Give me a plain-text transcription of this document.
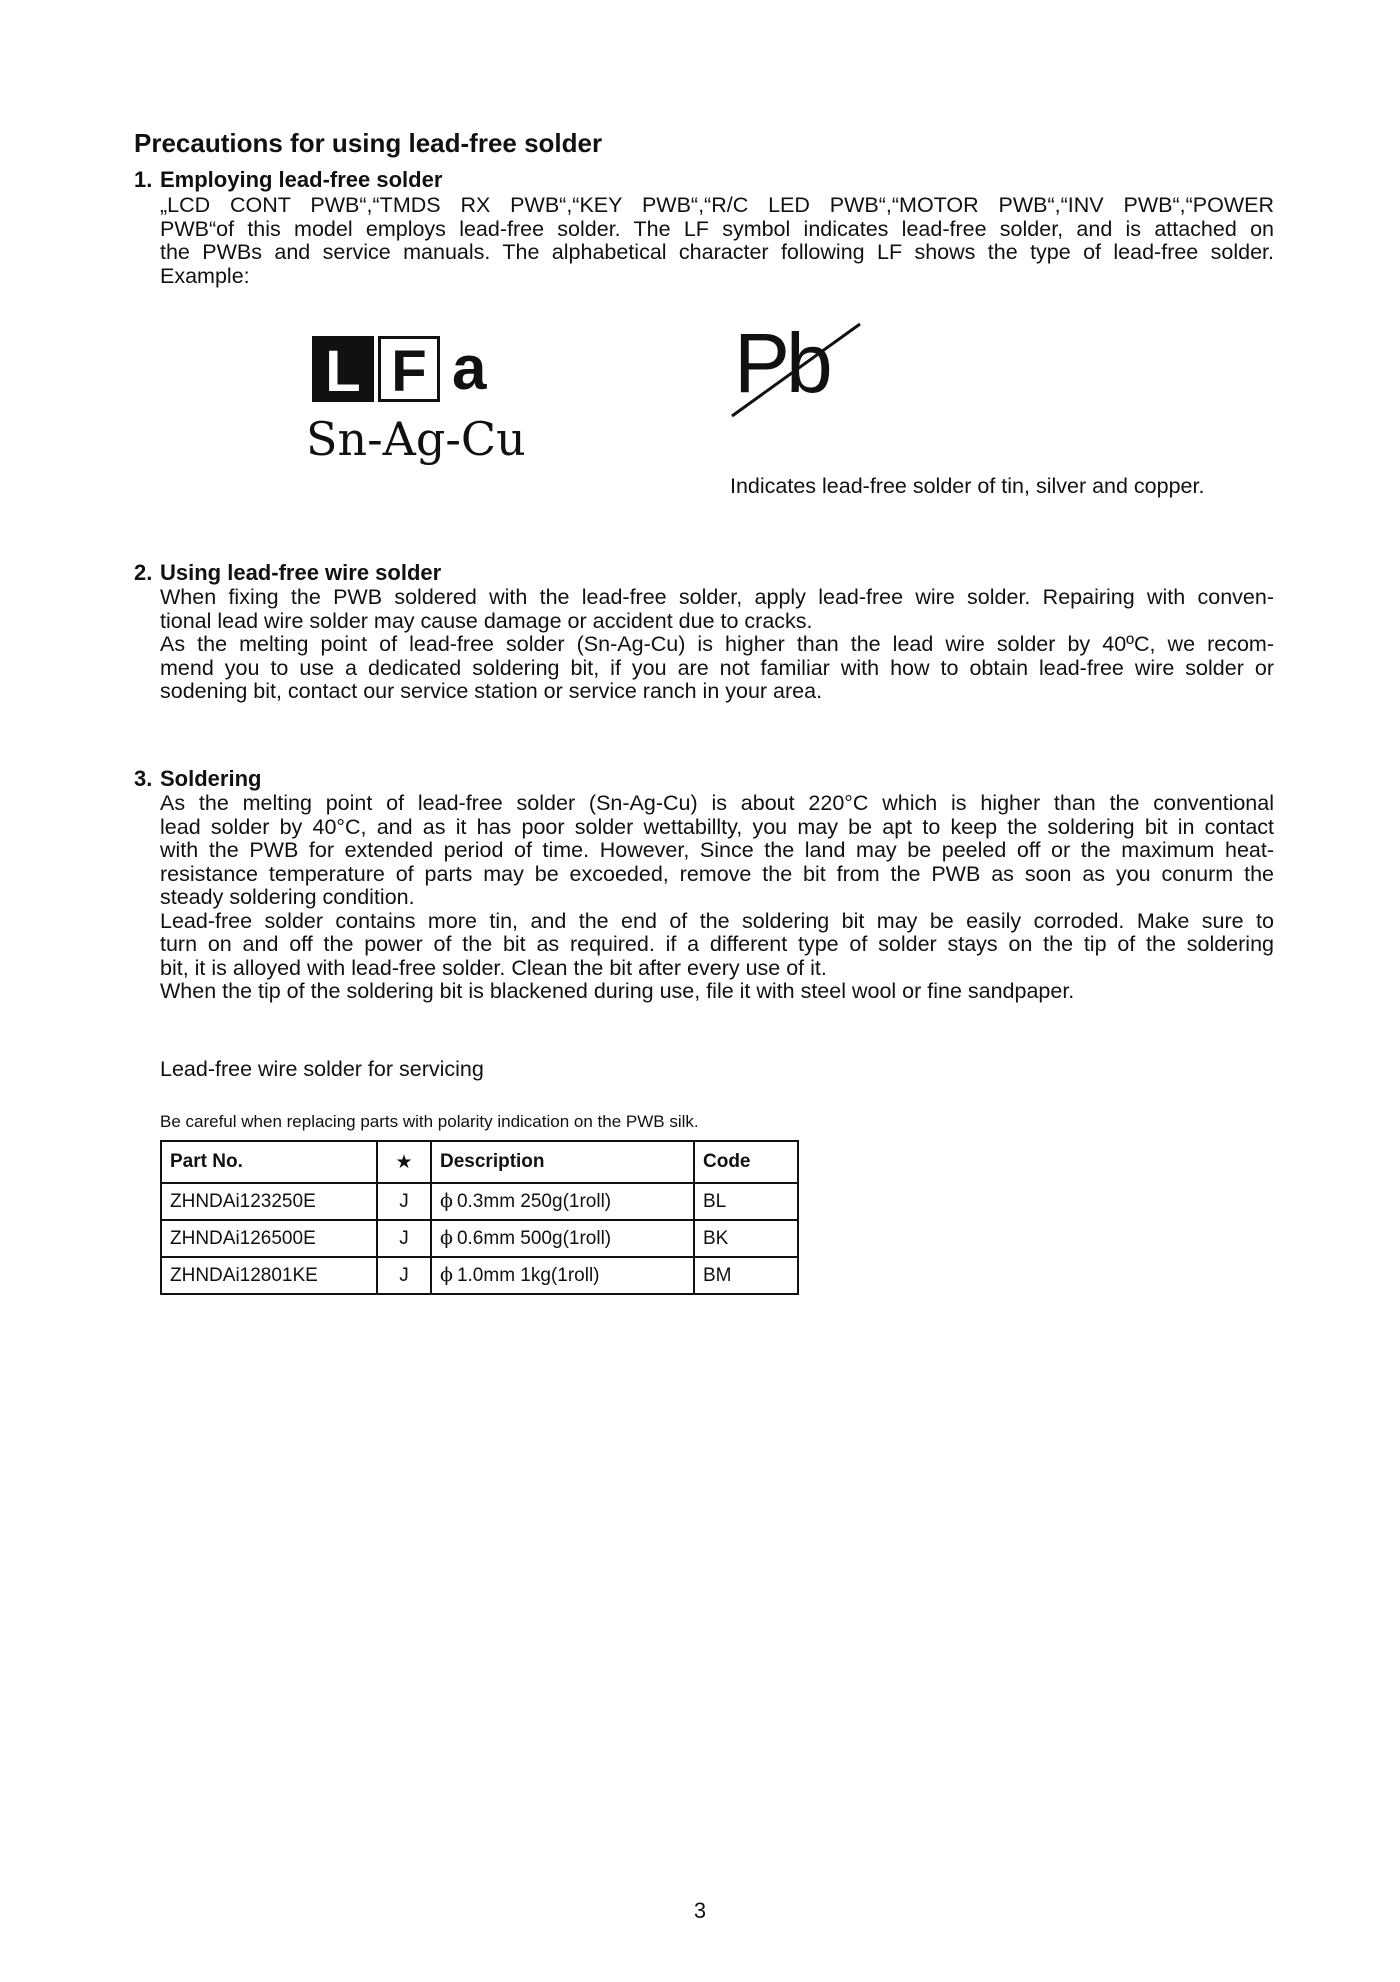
Precautions for using lead-free solder
1. Employing lead-free solder
„LCD CONT PWB“,“TMDS RX PWB“,“KEY PWB“,“R/C LED PWB“,“MOTOR PWB“,“INV PWB“,“POWER
PWB“of this model employs lead-free solder. The LF symbol indicates lead-free solder, and is attached on
the PWBs and service manuals. The alphabetical character following LF shows the type of lead-free solder.
Example:
L F a
Sn-Ag-Cu
Pb
Indicates lead-free solder of tin, silver and copper.
2. Using lead-free wire solder
When fixing the PWB soldered with the lead-free solder, apply lead-free wire solder. Repairing with conven-
tional lead wire solder may cause damage or accident due to cracks.
As the melting point of lead-free solder (Sn-Ag-Cu) is higher than the lead wire solder by 40ºC, we recom-
mend you to use a dedicated soldering bit, if you are not familiar with how to obtain lead-free wire solder or
sodening bit, contact our service station or service ranch in your area.
3. Soldering
As the melting point of lead-free solder (Sn-Ag-Cu) is about 220°C which is higher than the conventional
lead solder by 40°C, and as it has poor solder wettabillty, you may be apt to keep the soldering bit in contact
with the PWB for extended period of time. However, Since the land may be peeled off or the maximum heat-
resistance temperature of parts may be excoeded, remove the bit from the PWB as soon as you conurm the
steady soldering condition.
Lead-free solder contains more tin, and the end of the soldering bit may be easily corroded. Make sure to
turn on and off the power of the bit as required. if a different type of solder stays on the tip of the soldering
bit, it is alloyed with lead-free solder. Clean the bit after every use of it.
When the tip of the soldering bit is blackened during use, file it with steel wool or fine sandpaper.
Lead-free wire solder for servicing
Be careful when replacing parts with polarity indication on the PWB silk.
Part No.	★	Description	Code
ZHNDAi123250E	J	ϕ 0.3mm 250g(1roll)	BL
ZHNDAi126500E	J	ϕ 0.6mm 500g(1roll)	BK
ZHNDAi12801KE	J	ϕ 1.0mm 1kg(1roll)	BM
3
